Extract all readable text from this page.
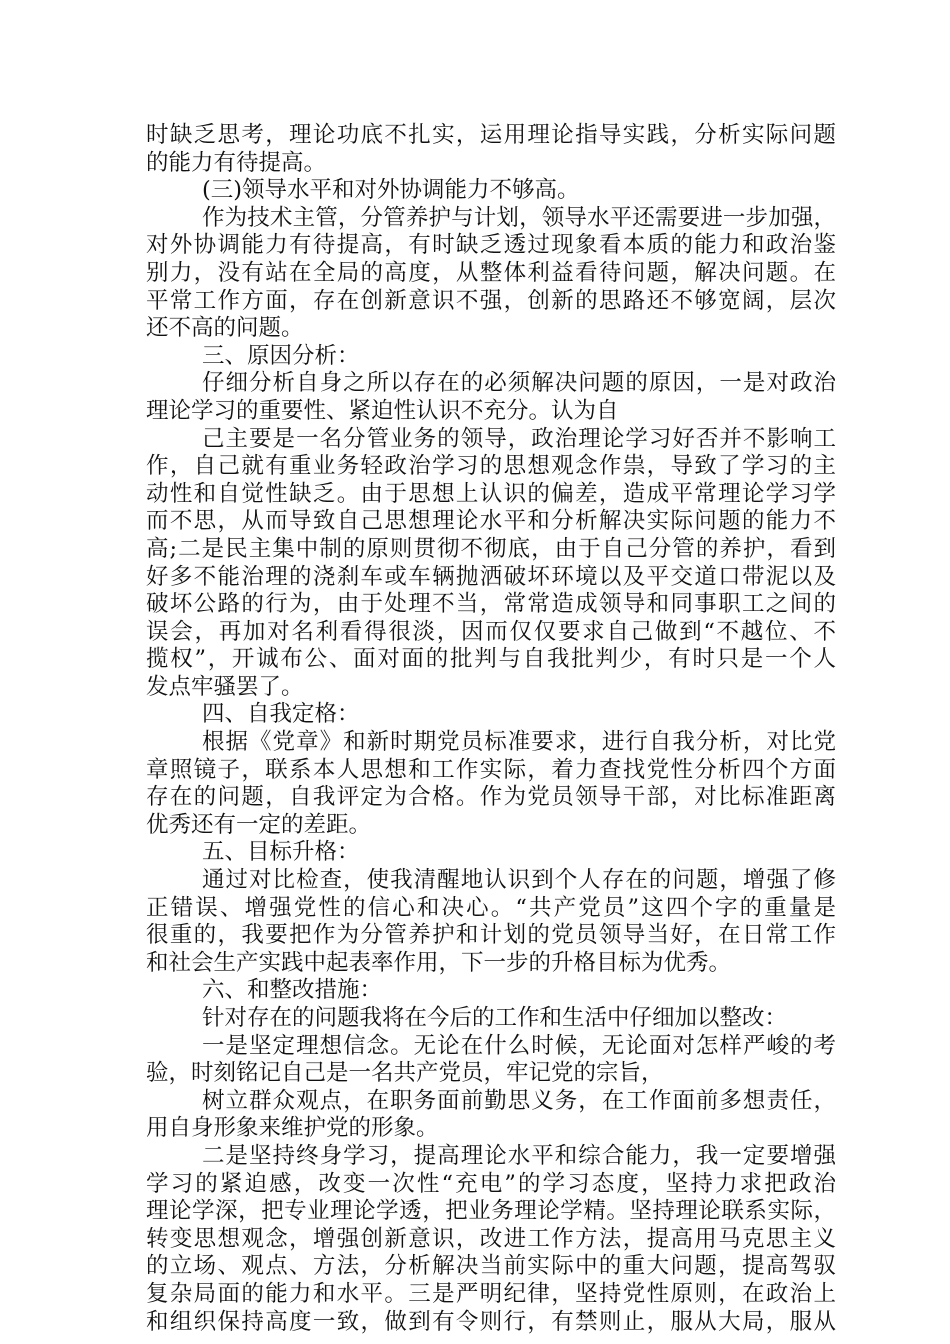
时缺乏思考，理论功底不扎实，运用理论指导实践，分析实际问题
的能力有待提高。
(三)领导水平和对外协调能力不够高。
作为技术主管，分管养护与计划，领导水平还需要进一步加强，
对外协调能力有待提高，有时缺乏透过现象看本质的能力和政治鉴
别力，没有站在全局的高度，从整体利益看待问题，解决问题。在
平常工作方面，存在创新意识不强，创新的思路还不够宽阔，层次
还不高的问题。
三、原因分析：
仔细分析自身之所以存在的必须解决问题的原因，一是对政治
理论学习的重要性、紧迫性认识不充分。认为自
己主要是一名分管业务的领导，政治理论学习好否并不影响工
作，自己就有重业务轻政治学习的思想观念作祟，导致了学习的主
动性和自觉性缺乏。由于思想上认识的偏差，造成平常理论学习学
而不思，从而导致自己思想理论水平和分析解决实际问题的能力不
高;二是民主集中制的原则贯彻不彻底，由于自己分管的养护，看到
好多不能治理的浇刹车或车辆抛洒破坏环境以及平交道口带泥以及
破坏公路的行为，由于处理不当，常常造成领导和同事职工之间的
误会，再加对名利看得很淡，因而仅仅要求自己做到“不越位、不
揽权”，开诚布公、面对面的批判与自我批判少，有时只是一个人
发点牢骚罢了。
四、自我定格：
根据《党章》和新时期党员标准要求，进行自我分析，对比党
章照镜子，联系本人思想和工作实际，着力查找党性分析四个方面
存在的问题，自我评定为合格。作为党员领导干部，对比标准距离
优秀还有一定的差距。
五、目标升格：
通过对比检查，使我清醒地认识到个人存在的问题，增强了修
正错误、增强党性的信心和决心。“共产党员”这四个字的重量是
很重的，我要把作为分管养护和计划的党员领导当好，在日常工作
和社会生产实践中起表率作用，下一步的升格目标为优秀。
六、和整改措施：
针对存在的问题我将在今后的工作和生活中仔细加以整改：
一是坚定理想信念。无论在什么时候，无论面对怎样严峻的考
验，时刻铭记自己是一名共产党员，牢记党的宗旨，
树立群众观点，在职务面前勤思义务，在工作面前多想责任，
用自身形象来维护党的形象。
二是坚持终身学习，提高理论水平和综合能力，我一定要增强
学习的紧迫感，改变一次性“充电”的学习态度，坚持力求把政治
理论学深，把专业理论学透，把业务理论学精。坚持理论联系实际，
转变思想观念，增强创新意识，改进工作方法，提高用马克思主义
的立场、观点、方法，分析解决当前实际中的重大问题，提高驾驭
复杂局面的能力和水平。三是严明纪律，坚持党性原则，在政治上
和组织保持高度一致，做到有令则行，有禁则止，服从大局，服从
